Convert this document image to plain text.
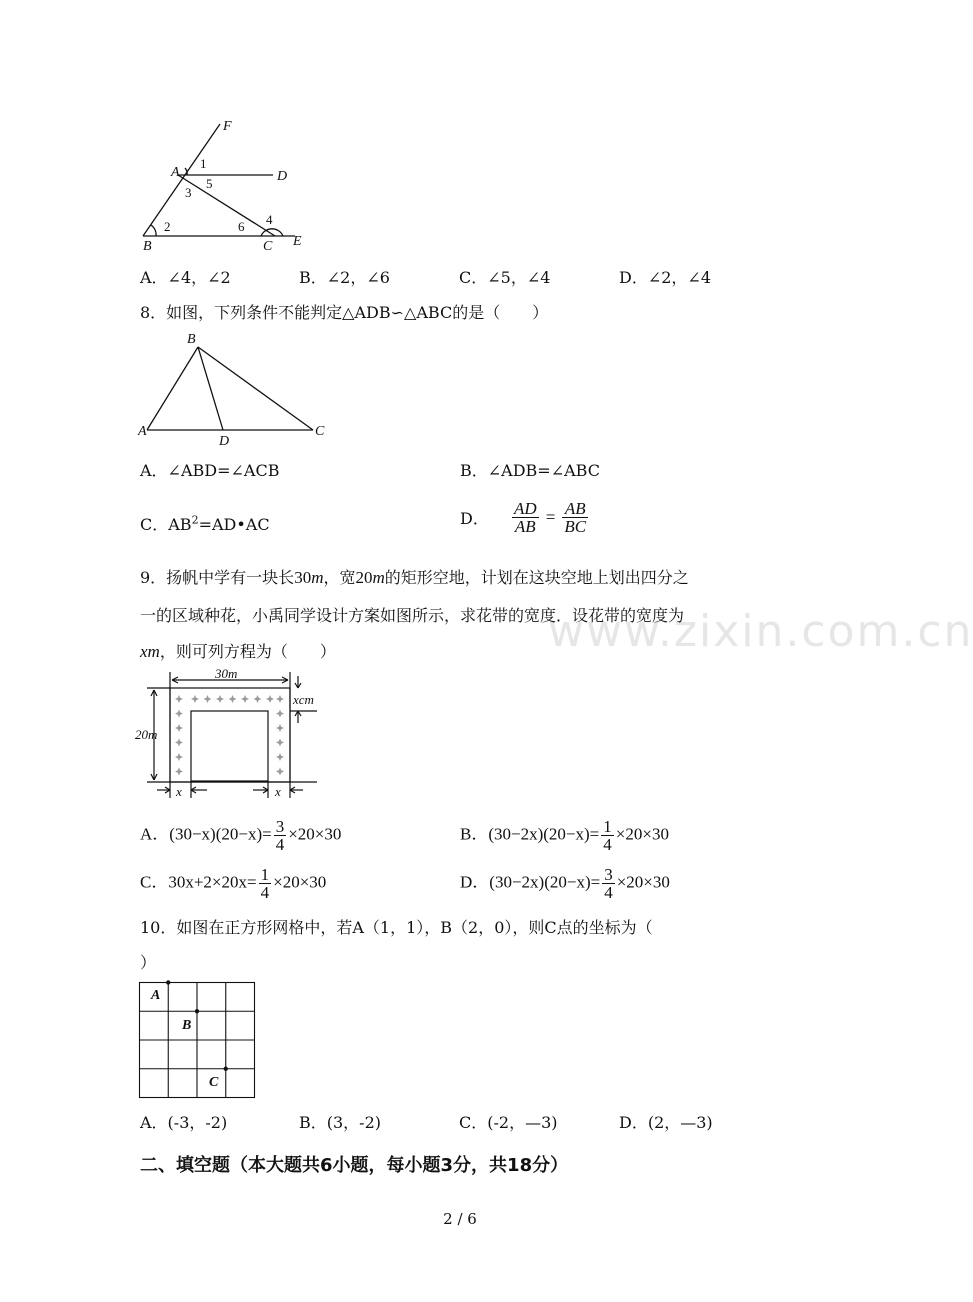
www.zixin.com.cn
F
A	D
B	C E
1
3
5
2	6 4
A．∠4，∠2	B．∠2，∠6	C．∠5，∠4	D．∠2，∠4
8．如图，下列条件不能判定△ADB∽△ABC的是（　　）
B
A
D
C
A．∠ABD=∠ACB	B．∠ADB=∠ABC
C．$AB^2=AD•AC$	D． $\frac{AD}{AB} = \frac{AB}{BC}$
9．扬帆中学有一块长30m，宽20m的矩形空地，计划在这块空地上划出四分之
一的区域种花，小禹同学设计方案如图所示，求花带的宽度．设花带的宽度为
xm，则可列方程为（　　）
30m
20m
xcm
x	x
A．$(30-x)(20-x)= \frac{3}{4} \times 20\times 30$	B．$(30-2x)(20-x)= \frac{1}{4} \times 20\times 30$
C．$30x+2\times 20x= \frac{1}{4} \times 20\times 30$	D．$(30-2x)(20-x)= \frac{3}{4} \times 20\times 30$
10．如图在正方形网格中，若A（1，1），B（2，0），则C点的坐标为（
）
A
B
C
A．(-3，-2)	B．(3，-2)	C．(-2，—3)	D．(2，—3)
二、填空题（本大题共6小题，每小题3分，共18分）
2 / 6
